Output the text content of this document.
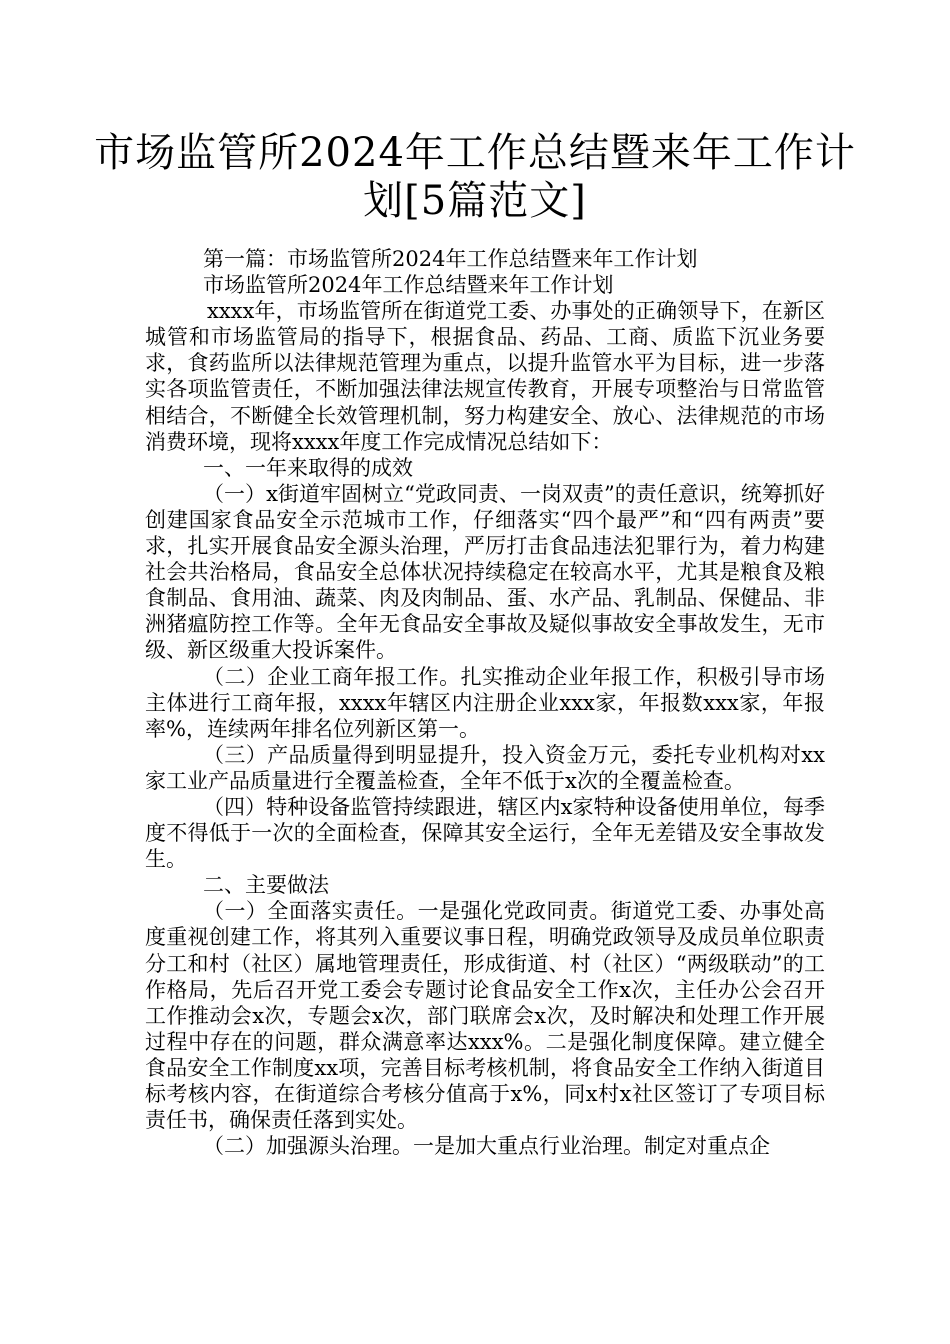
市场监管所2024年工作总结暨来年工作计
划[5篇范文]

第一篇：市场监管所2024年工作总结暨来年工作计划

市场监管所2024年工作总结暨来年工作计划

xxxx年，市场监管所在街道党工委、办事处的正确领导下，在新区城管和市场监管局的指导下，根据食品、药品、工商、质监下沉业务要求，食药监所以法律规范管理为重点，以提升监管水平为目标，进一步落实各项监管责任，不断加强法律法规宣传教育，开展专项整治与日常监管相结合，不断健全长效管理机制，努力构建安全、放心、法律规范的市场消费环境，现将xxxx年度工作完成情况总结如下：

一、一年来取得的成效

（一）x街道牢固树立“党政同责、一岗双责”的责任意识，统筹抓好创建国家食品安全示范城市工作，仔细落实“四个最严”和“四有两责”要求，扎实开展食品安全源头治理，严厉打击食品违法犯罪行为，着力构建社会共治格局，食品安全总体状况持续稳定在较高水平，尤其是粮食及粮食制品、食用油、蔬菜、肉及肉制品、蛋、水产品、乳制品、保健品、非洲猪瘟防控工作等。全年无食品安全事故及疑似事故安全事故发生，无市级、新区级重大投诉案件。

（二）企业工商年报工作。扎实推动企业年报工作，积极引导市场主体进行工商年报，xxxx年辖区内注册企业xxx家，年报数xxx家，年报率%，连续两年排名位列新区第一。

（三）产品质量得到明显提升，投入资金万元，委托专业机构对xx家工业产品质量进行全覆盖检查，全年不低于x次的全覆盖检查。

（四）特种设备监管持续跟进，辖区内x家特种设备使用单位，每季度不得低于一次的全面检查，保障其安全运行，全年无差错及安全事故发生。

二、主要做法

（一）全面落实责任。一是强化党政同责。街道党工委、办事处高度重视创建工作，将其列入重要议事日程，明确党政领导及成员单位职责分工和村（社区）属地管理责任，形成街道、村（社区）“两级联动”的工作格局，先后召开党工委会专题讨论食品安全工作x次，主任办公会召开工作推动会x次，专题会x次，部门联席会x次，及时解决和处理工作开展过程中存在的问题，群众满意率达xxx%。二是强化制度保障。建立健全食品安全工作制度xx项，完善目标考核机制，将食品安全工作纳入街道目标考核内容，在街道综合考核分值高于x%，同x村x社区签订了专项目标责任书，确保责任落到实处。

（二）加强源头治理。一是加大重点行业治理。制定对重点企
